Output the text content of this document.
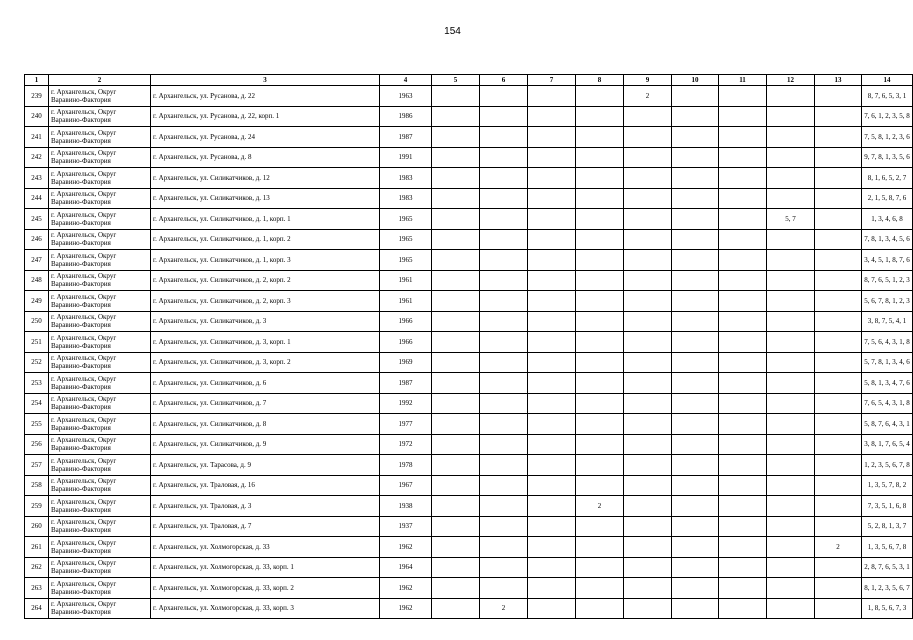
154
1	2	3	4	5	6	7	8	9	10	11	12	13	14
239	г. Архангельск, Округ Варавино-Фактория	г. Архангельск, ул. Русанова, д. 22	1963					2					8, 7, 6, 5, 3, 1
240	г. Архангельск, Округ Варавино-Фактория	г. Архангельск, ул. Русанова, д. 22, корп. 1	1986										7, 6, 1, 2, 3, 5, 8
241	г. Архангельск, Округ Варавино-Фактория	г. Архангельск, ул. Русанова, д. 24	1987										7, 5, 8, 1, 2, 3, 6
242	г. Архангельск, Округ Варавино-Фактория	г. Архангельск, ул. Русанова, д. 8	1991										9, 7, 8, 1, 3, 5, 6
243	г. Архангельск, Округ Варавино-Фактория	г. Архангельск, ул. Силикатчиков, д. 12	1983										8, 1, 6, 5, 2, 7
244	г. Архангельск, Округ Варавино-Фактория	г. Архангельск, ул. Силикатчиков, д. 13	1983										2, 1, 5, 8, 7, 6
245	г. Архангельск, Округ Варавино-Фактория	г. Архангельск, ул. Силикатчиков, д. 1, корп. 1	1965								5, 7		1, 3, 4, 6, 8
246	г. Архангельск, Округ Варавино-Фактория	г. Архангельск, ул. Силикатчиков, д. 1, корп. 2	1965										7, 8, 1, 3, 4, 5, 6
247	г. Архангельск, Округ Варавино-Фактория	г. Архангельск, ул. Силикатчиков, д. 1, корп. 3	1965										3, 4, 5, 1, 8, 7, 6
248	г. Архангельск, Округ Варавино-Фактория	г. Архангельск, ул. Силикатчиков, д. 2, корп. 2	1961										8, 7, 6, 5, 1, 2, 3
249	г. Архангельск, Округ Варавино-Фактория	г. Архангельск, ул. Силикатчиков, д. 2, корп. 3	1961										5, 6, 7, 8, 1, 2, 3
250	г. Архангельск, Округ Варавино-Фактория	г. Архангельск, ул. Силикатчиков, д. 3	1966										3, 8, 7, 5, 4, 1
251	г. Архангельск, Округ Варавино-Фактория	г. Архангельск, ул. Силикатчиков, д. 3, корп. 1	1966										7, 5, 6, 4, 3, 1, 8
252	г. Архангельск, Округ Варавино-Фактория	г. Архангельск, ул. Силикатчиков, д. 3, корп. 2	1969										5, 7, 8, 1, 3, 4, 6
253	г. Архангельск, Округ Варавино-Фактория	г. Архангельск, ул. Силикатчиков, д. 6	1987										5, 8, 1, 3, 4, 7, 6
254	г. Архангельск, Округ Варавино-Фактория	г. Архангельск, ул. Силикатчиков, д. 7	1992										7, 6, 5, 4, 3, 1, 8
255	г. Архангельск, Округ Варавино-Фактория	г. Архангельск, ул. Силикатчиков, д. 8	1977										5, 8, 7, 6, 4, 3, 1
256	г. Архангельск, Округ Варавино-Фактория	г. Архангельск, ул. Силикатчиков, д. 9	1972										3, 8, 1, 7, 6, 5, 4
257	г. Архангельск, Округ Варавино-Фактория	г. Архангельск, ул. Тарасова, д. 9	1978										1, 2, 3, 5, 6, 7, 8
258	г. Архангельск, Округ Варавино-Фактория	г. Архангельск, ул. Траловая, д. 16	1967										1, 3, 5, 7, 8, 2
259	г. Архангельск, Округ Варавино-Фактория	г. Архангельск, ул. Траловая, д. 3	1938				2						7, 3, 5, 1, 6, 8
260	г. Архангельск, Округ Варавино-Фактория	г. Архангельск, ул. Траловая, д. 7	1937										5, 2, 8, 1, 3, 7
261	г. Архангельск, Округ Варавино-Фактория	г. Архангельск, ул. Холмогорская, д. 33	1962									2	1, 3, 5, 6, 7, 8
262	г. Архангельск, Округ Варавино-Фактория	г. Архангельск, ул. Холмогорская, д. 33, корп. 1	1964										2, 8, 7, 6, 5, 3, 1
263	г. Архангельск, Округ Варавино-Фактория	г. Архангельск, ул. Холмогорская, д. 33, корп. 2	1962										8, 1, 2, 3, 5, 6, 7
264	г. Архангельск, Округ Варавино-Фактория	г. Архангельск, ул. Холмогорская, д. 33, корп. 3	1962		2								1, 8, 5, 6, 7, 3
